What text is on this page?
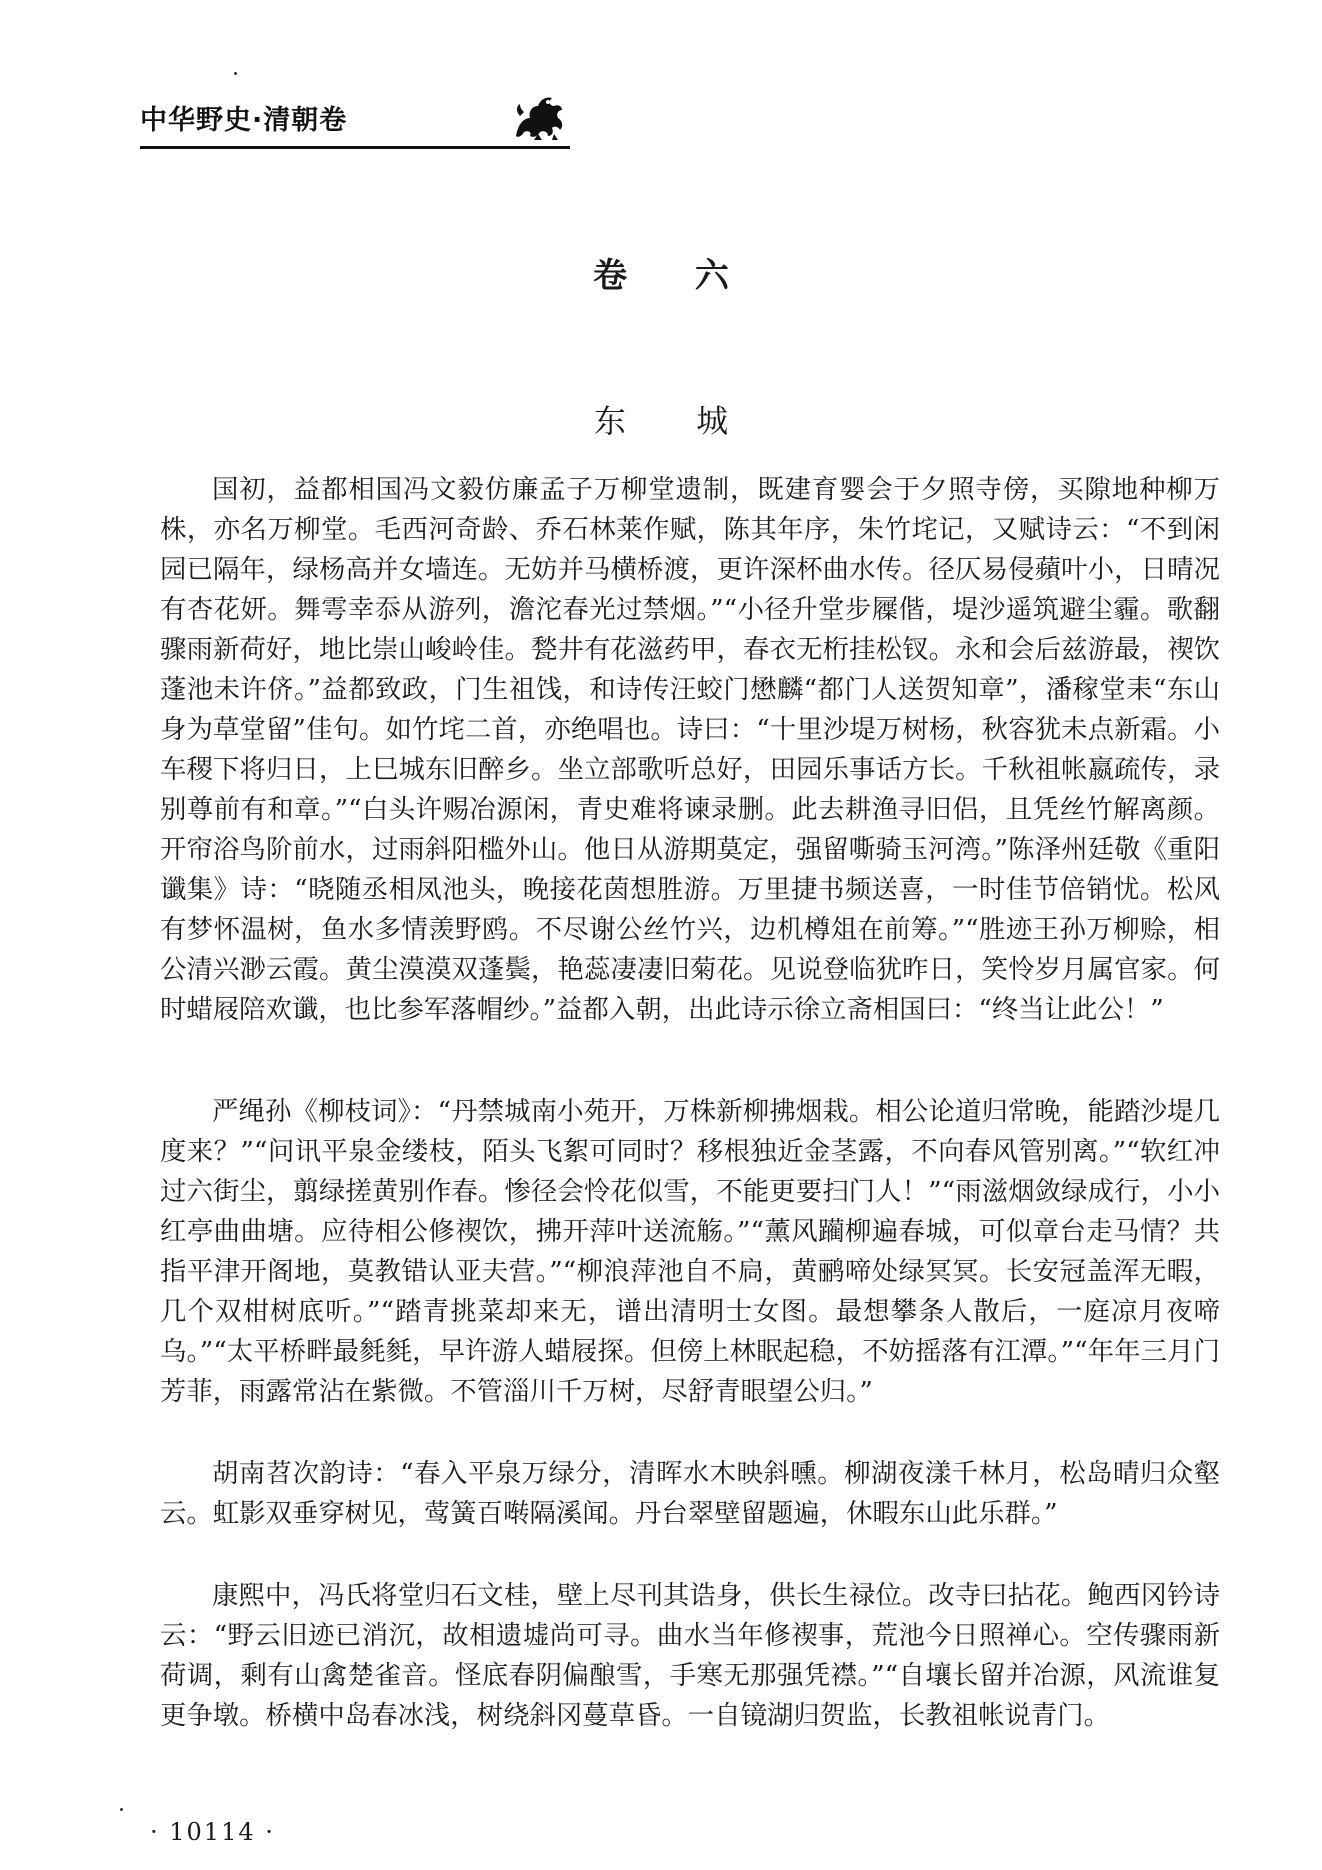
中华野史·清朝卷
卷 六
东 城

国初，益都相国冯文毅仿廉孟子万柳堂遗制，既建育婴会于夕照寺傍，买隙地种柳万株，亦名万柳堂。毛西河奇龄、乔石林莱作赋，陈其年序，朱竹垞记，又赋诗云：“不到闲园已隔年，绿杨高并女墙连。无妨并马横桥渡，更许深杯曲水传。径仄易侵蘋叶小，日晴况有杏花妍。舞雩幸忝从游列，澹沱春光过禁烟。”“小径升堂步屧偕，堤沙遥筑避尘霾。歌翻骤雨新荷好，地比崇山峻岭佳。甃井有花滋药甲，春衣无桁挂松钗。永和会后兹游最，禊饮蓬池未许侪。”益都致政，门生祖饯，和诗传汪蛟门懋麟“都门人送贺知章”，潘稼堂耒“东山身为草堂留”佳句。如竹垞二首，亦绝唱也。诗曰：“十里沙堤万树杨，秋容犹未点新霜。小车稷下将归日，上巳城东旧醉乡。坐立部歌听总好，田园乐事话方长。千秋祖帐嬴疏传，录别尊前有和章。”“白头许赐冶源闲，青史难将谏录删。此去耕渔寻旧侣，且凭丝竹解离颜。开帘浴鸟阶前水，过雨斜阳槛外山。他日从游期莫定，强留嘶骑玉河湾。”陈泽州廷敬《重阳谶集》诗：“晓随丞相凤池头，晚接花茵想胜游。万里捷书频送喜，一时佳节倍销忧。松风有梦怀温树，鱼水多情羡野鸥。不尽谢公丝竹兴，边机樽俎在前筹。”“胜迹王孙万柳赊，相公清兴渺云霞。黄尘漠漠双蓬鬓，艳蕊凄凄旧菊花。见说登临犹昨日，笑怜岁月属官家。何时蜡屐陪欢谶，也比参军落帽纱。”益都入朝，出此诗示徐立斋相国曰：“终当让此公！”

严绳孙《柳枝词》：“丹禁城南小苑开，万株新柳拂烟栽。相公论道归常晚，能踏沙堤几度来？”“问讯平泉金缕枝，陌头飞絮可同时？移根独近金茎露，不向春风管别离。”“软红冲过六街尘，翦绿搓黄别作春。惨径会怜花似雪，不能更要扫门人！”“雨滋烟敛绿成行，小小红亭曲曲塘。应待相公修禊饮，拂开萍叶送流觞。”“薰风躏柳遍春城，可似章台走马情？共指平津开阁地，莫教错认亚夫营。”“柳浪萍池自不扃，黄鹂啼处绿冥冥。长安冠盖浑无暇，几个双柑树底听。”“踏青挑菜却来无，谱出清明士女图。最想攀条人散后，一庭凉月夜啼乌。”“太平桥畔最毵毵，早许游人蜡屐探。但傍上林眠起稳，不妨摇落有江潭。”“年年三月门芳菲，雨露常沾在紫微。不管淄川千万树，尽舒青眼望公归。”

胡南苕次韵诗：“春入平泉万绿分，清晖水木映斜曛。柳湖夜漾千林月，松岛晴归众壑云。虹影双垂穿树见，莺簧百啭隔溪闻。丹台翠壁留题遍，休暇东山此乐群。”

康熙中，冯氏将堂归石文桂，壁上尽刊其诰身，供长生禄位。改寺曰拈花。鲍西冈钤诗云：“野云旧迹已消沉，故相遗墟尚可寻。曲水当年修禊事，荒池今日照禅心。空传骤雨新荷调，剩有山禽楚雀音。怪底春阴偏酿雪，手寒无那强凭襟。”“自壤长留并冶源，风流谁复更争墩。桥横中岛春冰浅，树绕斜冈蔓草昏。一自镜湖归贺监，长教祖帐说青门。

· 10114 ·
